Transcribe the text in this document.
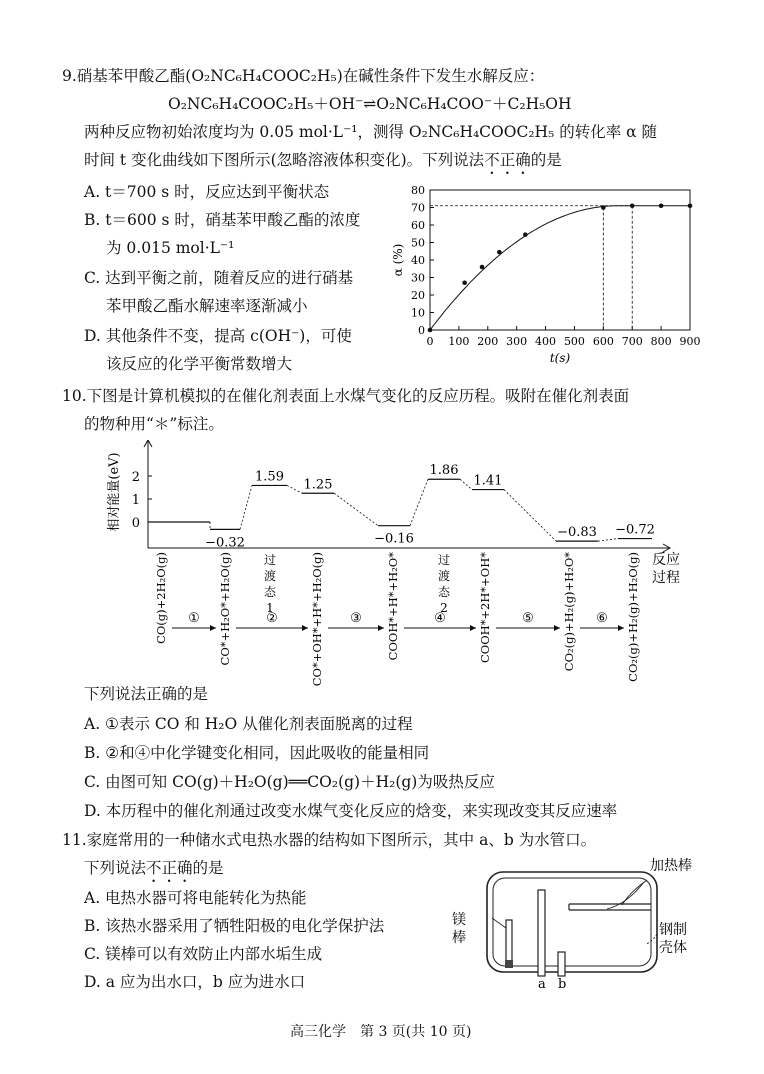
9.硝基苯甲酸乙酯(O₂NC₆H₄COOC₂H₅)在碱性条件下发生水解反应：
O₂NC₆H₄COOC₂H₅＋OH⁻⇌O₂NC₆H₄COO⁻＋C₂H₅OH
两种反应物初始浓度均为 0.05 mol·L⁻¹，测得 O₂NC₆H₄COOC₂H₅ 的转化率 α 随
时间 t 变化曲线如下图所示(忽略溶液体积变化)。下列说法不正确的是
A. t＝700 s 时，反应达到平衡状态
B. t＝600 s 时，硝基苯甲酸乙酯的浓度
为 0.015 mol·L⁻¹
C. 达到平衡之前，随着反应的进行硝基
苯甲酸乙酯水解速率逐渐减小
D. 其他条件不变，提高 c(OH⁻)，可使
该反应的化学平衡常数增大
0
10
20
30
40
50
60
70
80
0 100 200 300 400 500 600 700 800 900
t(s)
α (%)
10.下图是计算机模拟的在催化剂表面上水煤气变化的反应历程。吸附在催化剂表面
的物种用“＊”标注。
2
1
0
相对能量(eV)
−0.32
1.59
1.25
−0.16
1.86
1.41
−0.83 −0.72
CO(g)+2H₂O(g)	CO*+H₂O*+H₂O(g)	CO*+OH*+H*+H₂O(g)	COOH*+H*+H₂O*	COOH*+2H*+OH*	CO₂(g)+H₂(g)+H₂O*	CO₂(g)+H₂(g)+H₂O(g)
过
渡
态
1
过
渡
态
2
反应
过程
①	②	③	④	⑤	⑥
下列说法正确的是
A. ①表示 CO 和 H₂O 从催化剂表面脱离的过程
B. ②和④中化学键变化相同，因此吸收的能量相同
C. 由图可知 CO(g)＋H₂O(g)══CO₂(g)＋H₂(g)为吸热反应
D. 本历程中的催化剂通过改变水煤气变化反应的焓变，来实现改变其反应速率
11.家庭常用的一种储水式电热水器的结构如下图所示，其中 a、b 为水管口。
下列说法不正确的是
A. 电热水器可将电能转化为热能
B. 该热水器采用了牺牲阳极的电化学保护法
C. 镁棒可以有效防止内部水垢生成
D. a 应为出水口，b 应为进水口
加热棒
镁
棒	钢制
壳体
a b
高三化学　第 3 页(共 10 页)
